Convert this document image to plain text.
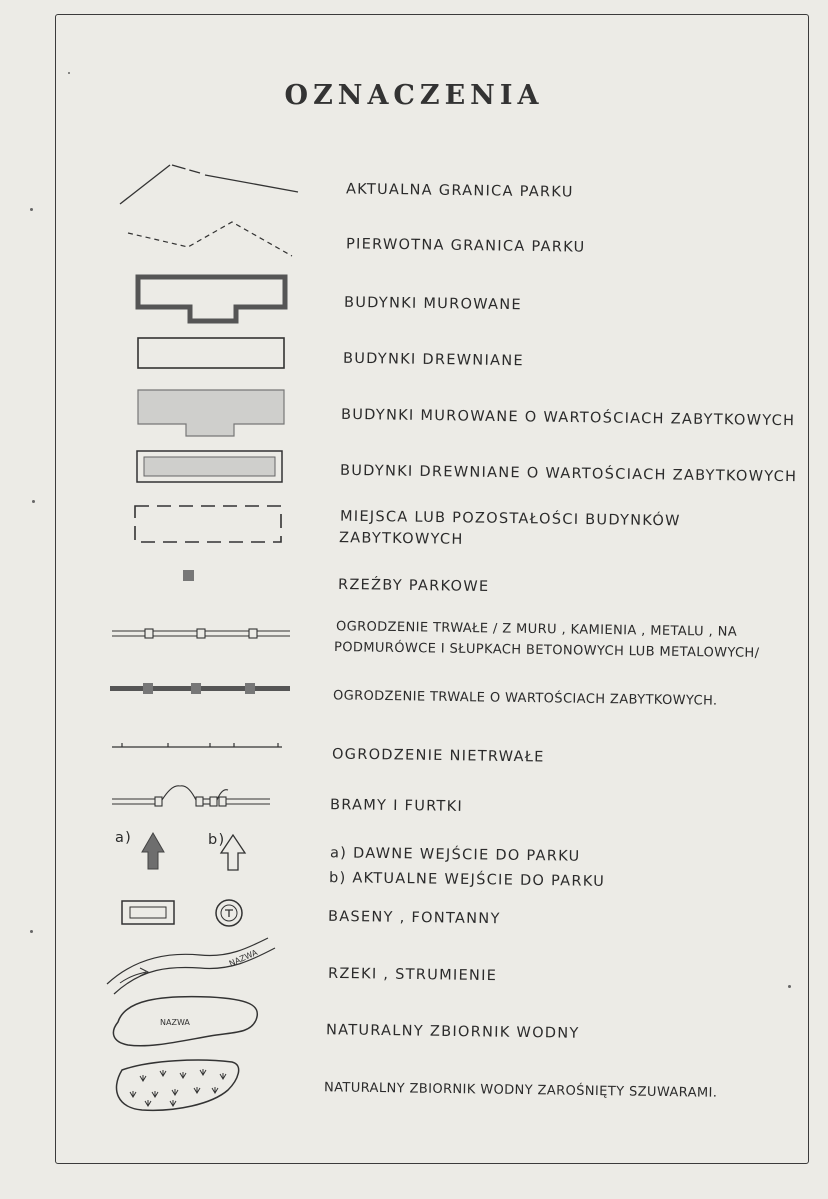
OZNACZENIA
NAZWA
NAZWA
AKTUALNA GRANICA PARKU
PIERWOTNA GRANICA PARKU
BUDYNKI MUROWANE
BUDYNKI DREWNIANE
BUDYNKI MUROWANE O WARTOŚCIACH ZABYTKOWYCH
BUDYNKI DREWNIANE O WARTOŚCIACH ZABYTKOWYCH
MIEJSCA LUB POZOSTAŁOŚCI BUDYNKÓW
ZABYTKOWYCH
RZEŹBY PARKOWE
OGRODZENIE TRWAŁE / Z MURU , KAMIENIA , METALU , NA
PODMURÓWCE I SŁUPKACH BETONOWYCH LUB METALOWYCH/
OGRODZENIE TRWALE O WARTOŚCIACH ZABYTKOWYCH.
OGRODZENIE NIETRWAŁE
BRAMY I FURTKI
a) DAWNE WEJŚCIE DO PARKU
b) AKTUALNE WEJŚCIE DO PARKU
a)	b)
BASENY , FONTANNY
RZEKI , STRUMIENIE
NATURALNY ZBIORNIK WODNY
NATURALNY ZBIORNIK WODNY ZAROŚNIĘTY SZUWARAMI.
